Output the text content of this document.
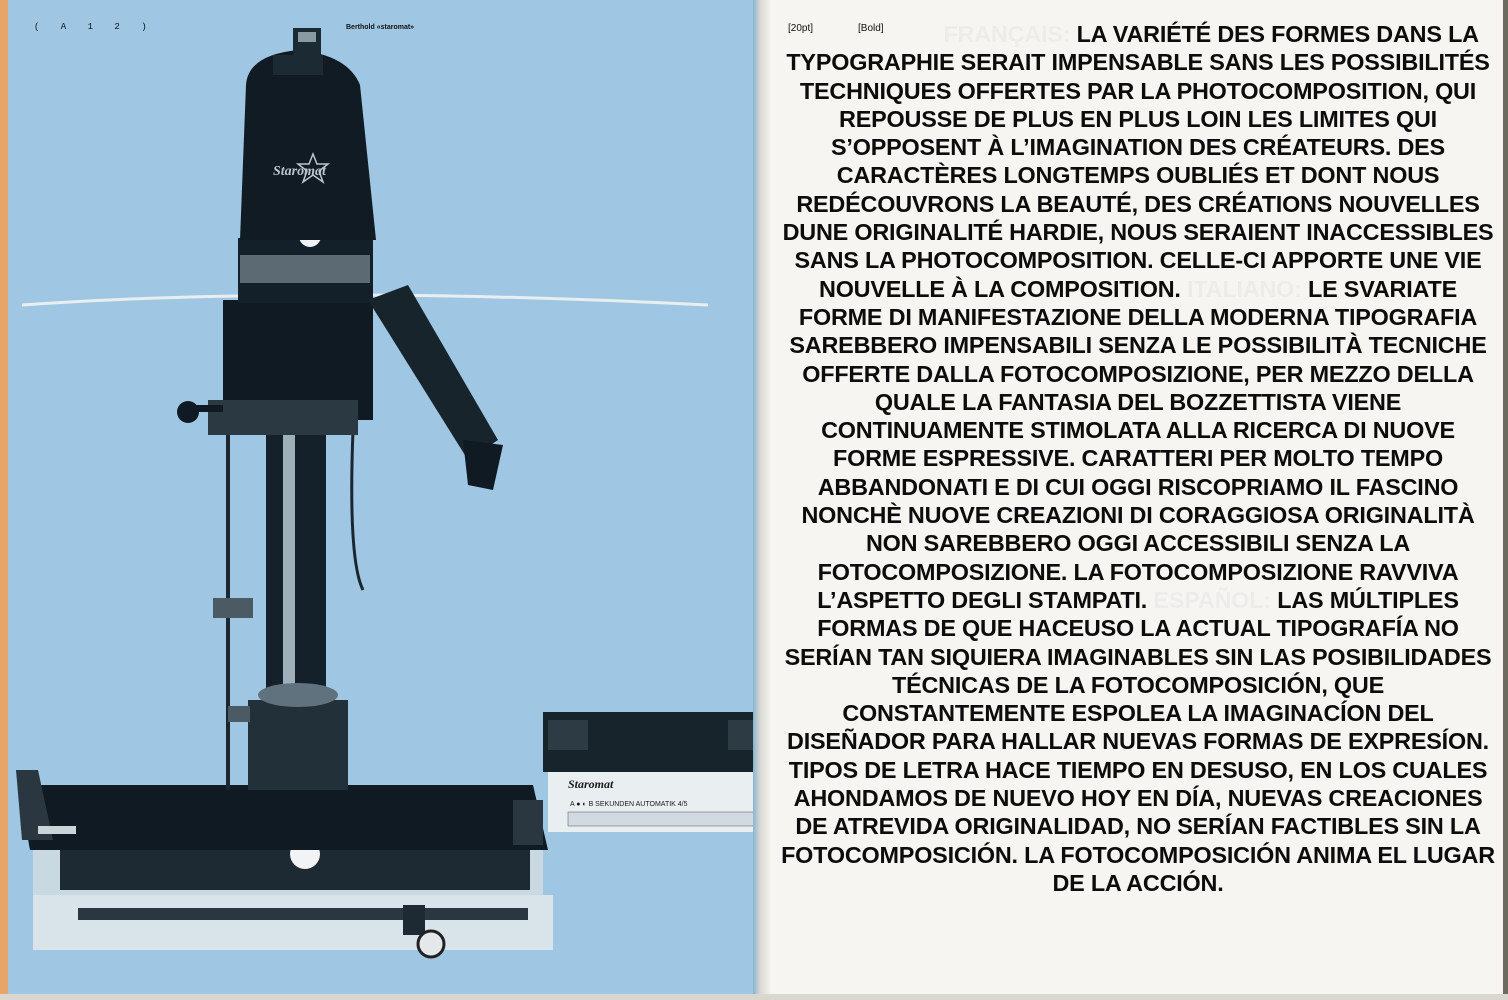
Staromat
Staromat
A ● ◐ B SEKUNDEN AUTOMATIK 4/5
( A 1 2 )	Berthold «staromat»	[20pt]	[Bold]	FRANÇAIS: LA VARIÉTÉ DES FORMES DANS LA TYPOGRAPHIE SERAIT IMPENSABLE SANS LES POSSIBILITÉS TECHNIQUES OFFERTES PAR LA PHOTOCOMPOSITION, QUI REPOUSSE DE PLUS EN PLUS LOIN LES LIMITES QUI S’OPPOSENT À L’IMAGINATION DES CRÉATEURS. DES CARACTÈRES LONGTEMPS OUBLIÉS ET DONT NOUS REDÉCOUVRONS LA BEAUTÉ, DES CRÉATIONS NOUVELLES DUNE ORIGINALITÉ HARDIE, NOUS SERAIENT INACCESSIBLES SANS LA PHOTOCOMPOSITION. CELLE-CI APPORTE UNE VIE NOUVELLE À LA COMPOSITION. ITALIANO: LE SVARIATE FORME DI MANIFESTAZIONE DELLA MODERNA TIPOGRAFIA SAREBBERO IMPENSABILI SENZA LE POSSIBILITÀ TECNICHE OFFERTE DALLA FOTOCOMPOSIZIONE, PER MEZZO DELLA QUALE LA FANTASIA DEL BOZZETTISTA VIENE CONTINUAMENTE STIMOLATA ALLA RICERCA DI NUOVE FORME ESPRESSIVE. CARATTERI PER MOLTO TEMPO ABBANDONATI E DI CUI OGGI RISCOPRIAMO IL FASCINO NONCHÈ NUOVE CREAZIONI DI CORAGGIOSA ORIGINALITÀ NON SAREBBERO OGGI ACCESSIBILI SENZA LA FOTOCOMPOSIZIONE. LA FOTOCOMPOSIZIONE RAVVIVA L’ASPETTO DEGLI STAMPATI. ESPAÑOL: LAS MÚLTIPLES FORMAS DE QUE HACEUSO LA ACTUAL TIPOGRAFÍA NO SERÍAN TAN SIQUIERA IMAGINABLES SIN LAS POSIBILIDADES TÉCNICAS DE LA FOTOCOMPOSICIÓN, QUE CONSTANTEMENTE ESPOLEA LA IMAGINACÍON DEL DISEÑADOR PARA HALLAR NUEVAS FORMAS DE EXPRESÍON. TIPOS DE LETRA HACE TIEMPO EN DESUSO, EN LOS CUALES AHONDAMOS DE NUEVO HOY EN DÍA, NUEVAS CREACIONES DE ATREVIDA ORIGINALIDAD, NO SERÍAN FACTIBLES SIN LA FOTOCOMPOSICIÓN. LA FOTOCOMPOSICIÓN ANIMA EL LUGAR DE LA ACCIÓN.
